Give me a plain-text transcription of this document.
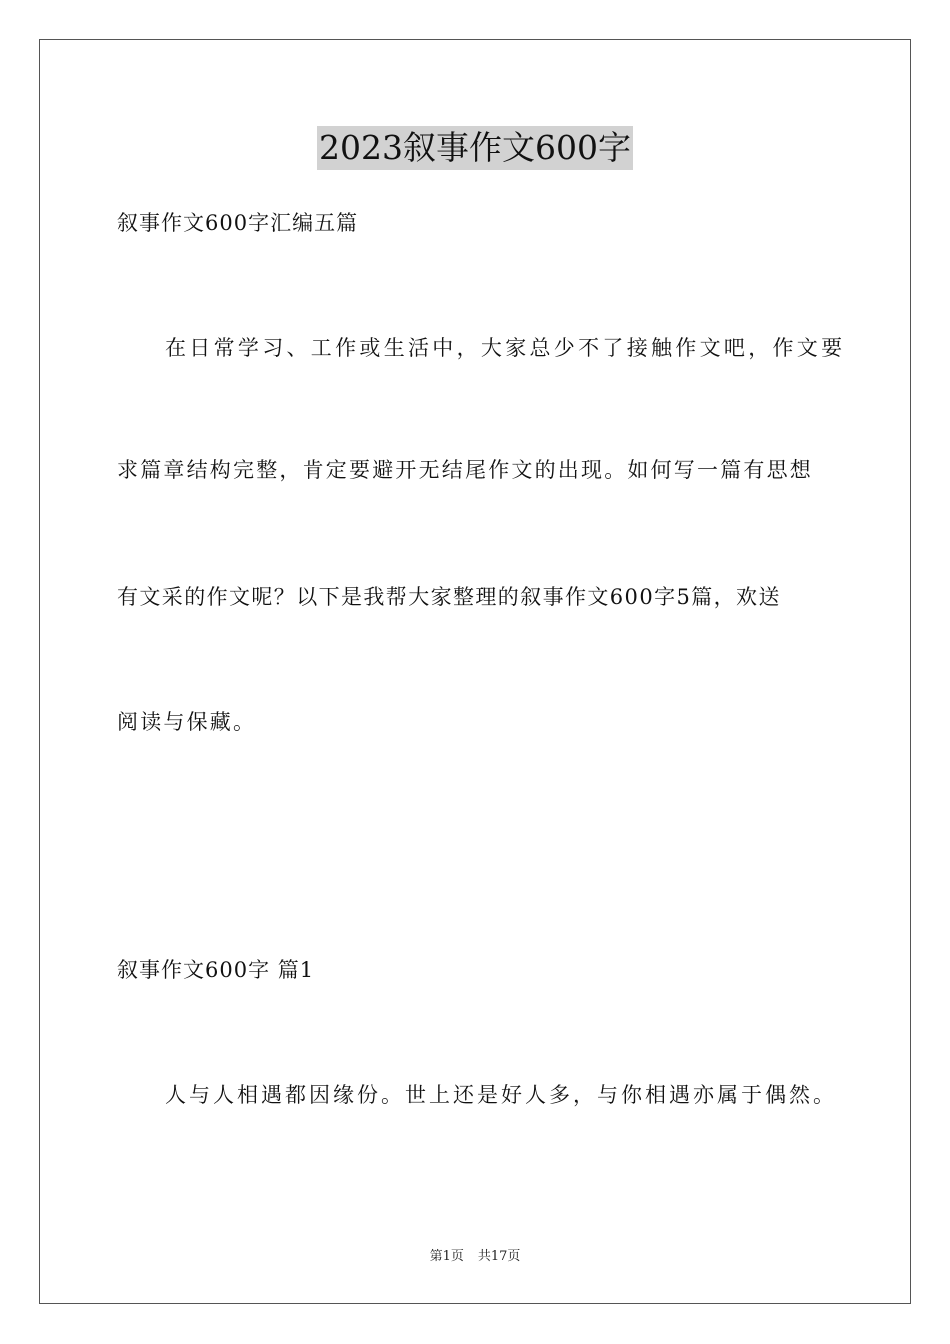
2023叙事作文600字
叙事作文600字汇编五篇
在日常学习、工作或生活中，大家总少不了接触作文吧，作文要
求篇章结构完整，肯定要避开无结尾作文的出现。如何写一篇有思想
有文采的作文呢？以下是我帮大家整理的叙事作文600字5篇，欢送
阅读与保藏。
叙事作文600字 篇1
人与人相遇都因缘份。世上还是好人多，与你相遇亦属于偶然。
第1页 共17页
